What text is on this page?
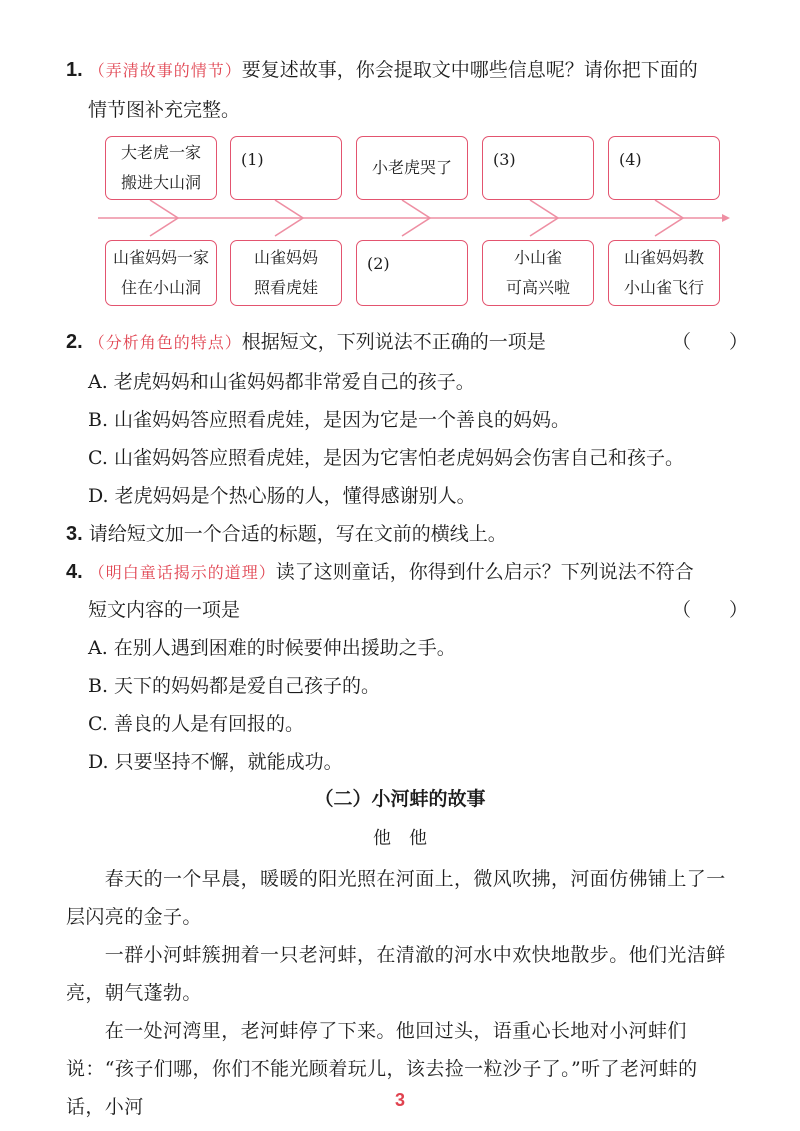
1. （弄清故事的情节）要复述故事，你会提取文中哪些信息呢？请你把下面的
情节图补充完整。
大老虎一家
搬进大山洞
(1)	小老虎哭了	(3)	(4)
山雀妈妈一家
住在小山洞
山雀妈妈
照看虎娃
(2)	小山雀
可高兴啦
山雀妈妈教
小山雀飞行
2. （分析角色的特点）根据短文，下列说法不正确的一项是	（　　）
A. 老虎妈妈和山雀妈妈都非常爱自己的孩子。
B. 山雀妈妈答应照看虎娃，是因为它是一个善良的妈妈。
C. 山雀妈妈答应照看虎娃，是因为它害怕老虎妈妈会伤害自己和孩子。
D. 老虎妈妈是个热心肠的人，懂得感谢别人。
3. 请给短文加一个合适的标题，写在文前的横线上。
4. （明白童话揭示的道理）读了这则童话，你得到什么启示？下列说法不符合
短文内容的一项是	（　　）
A. 在别人遇到困难的时候要伸出援助之手。
B. 天下的妈妈都是爱自己孩子的。
C. 善良的人是有回报的。
D. 只要坚持不懈，就能成功。
（二）小河蚌的故事
他　他
　　春天的一个早晨，暖暖的阳光照在河面上，微风吹拂，河面仿佛铺上了一层闪亮的金子。
　　一群小河蚌簇拥着一只老河蚌，在清澈的河水中欢快地散步。他们光洁鲜亮，朝气蓬勃。
　　在一处河湾里，老河蚌停了下来。他回过头，语重心长地对小河蚌们说：“孩子们哪，你们不能光顾着玩儿，该去捡一粒沙子了。”听了老河蚌的话，小河	3
